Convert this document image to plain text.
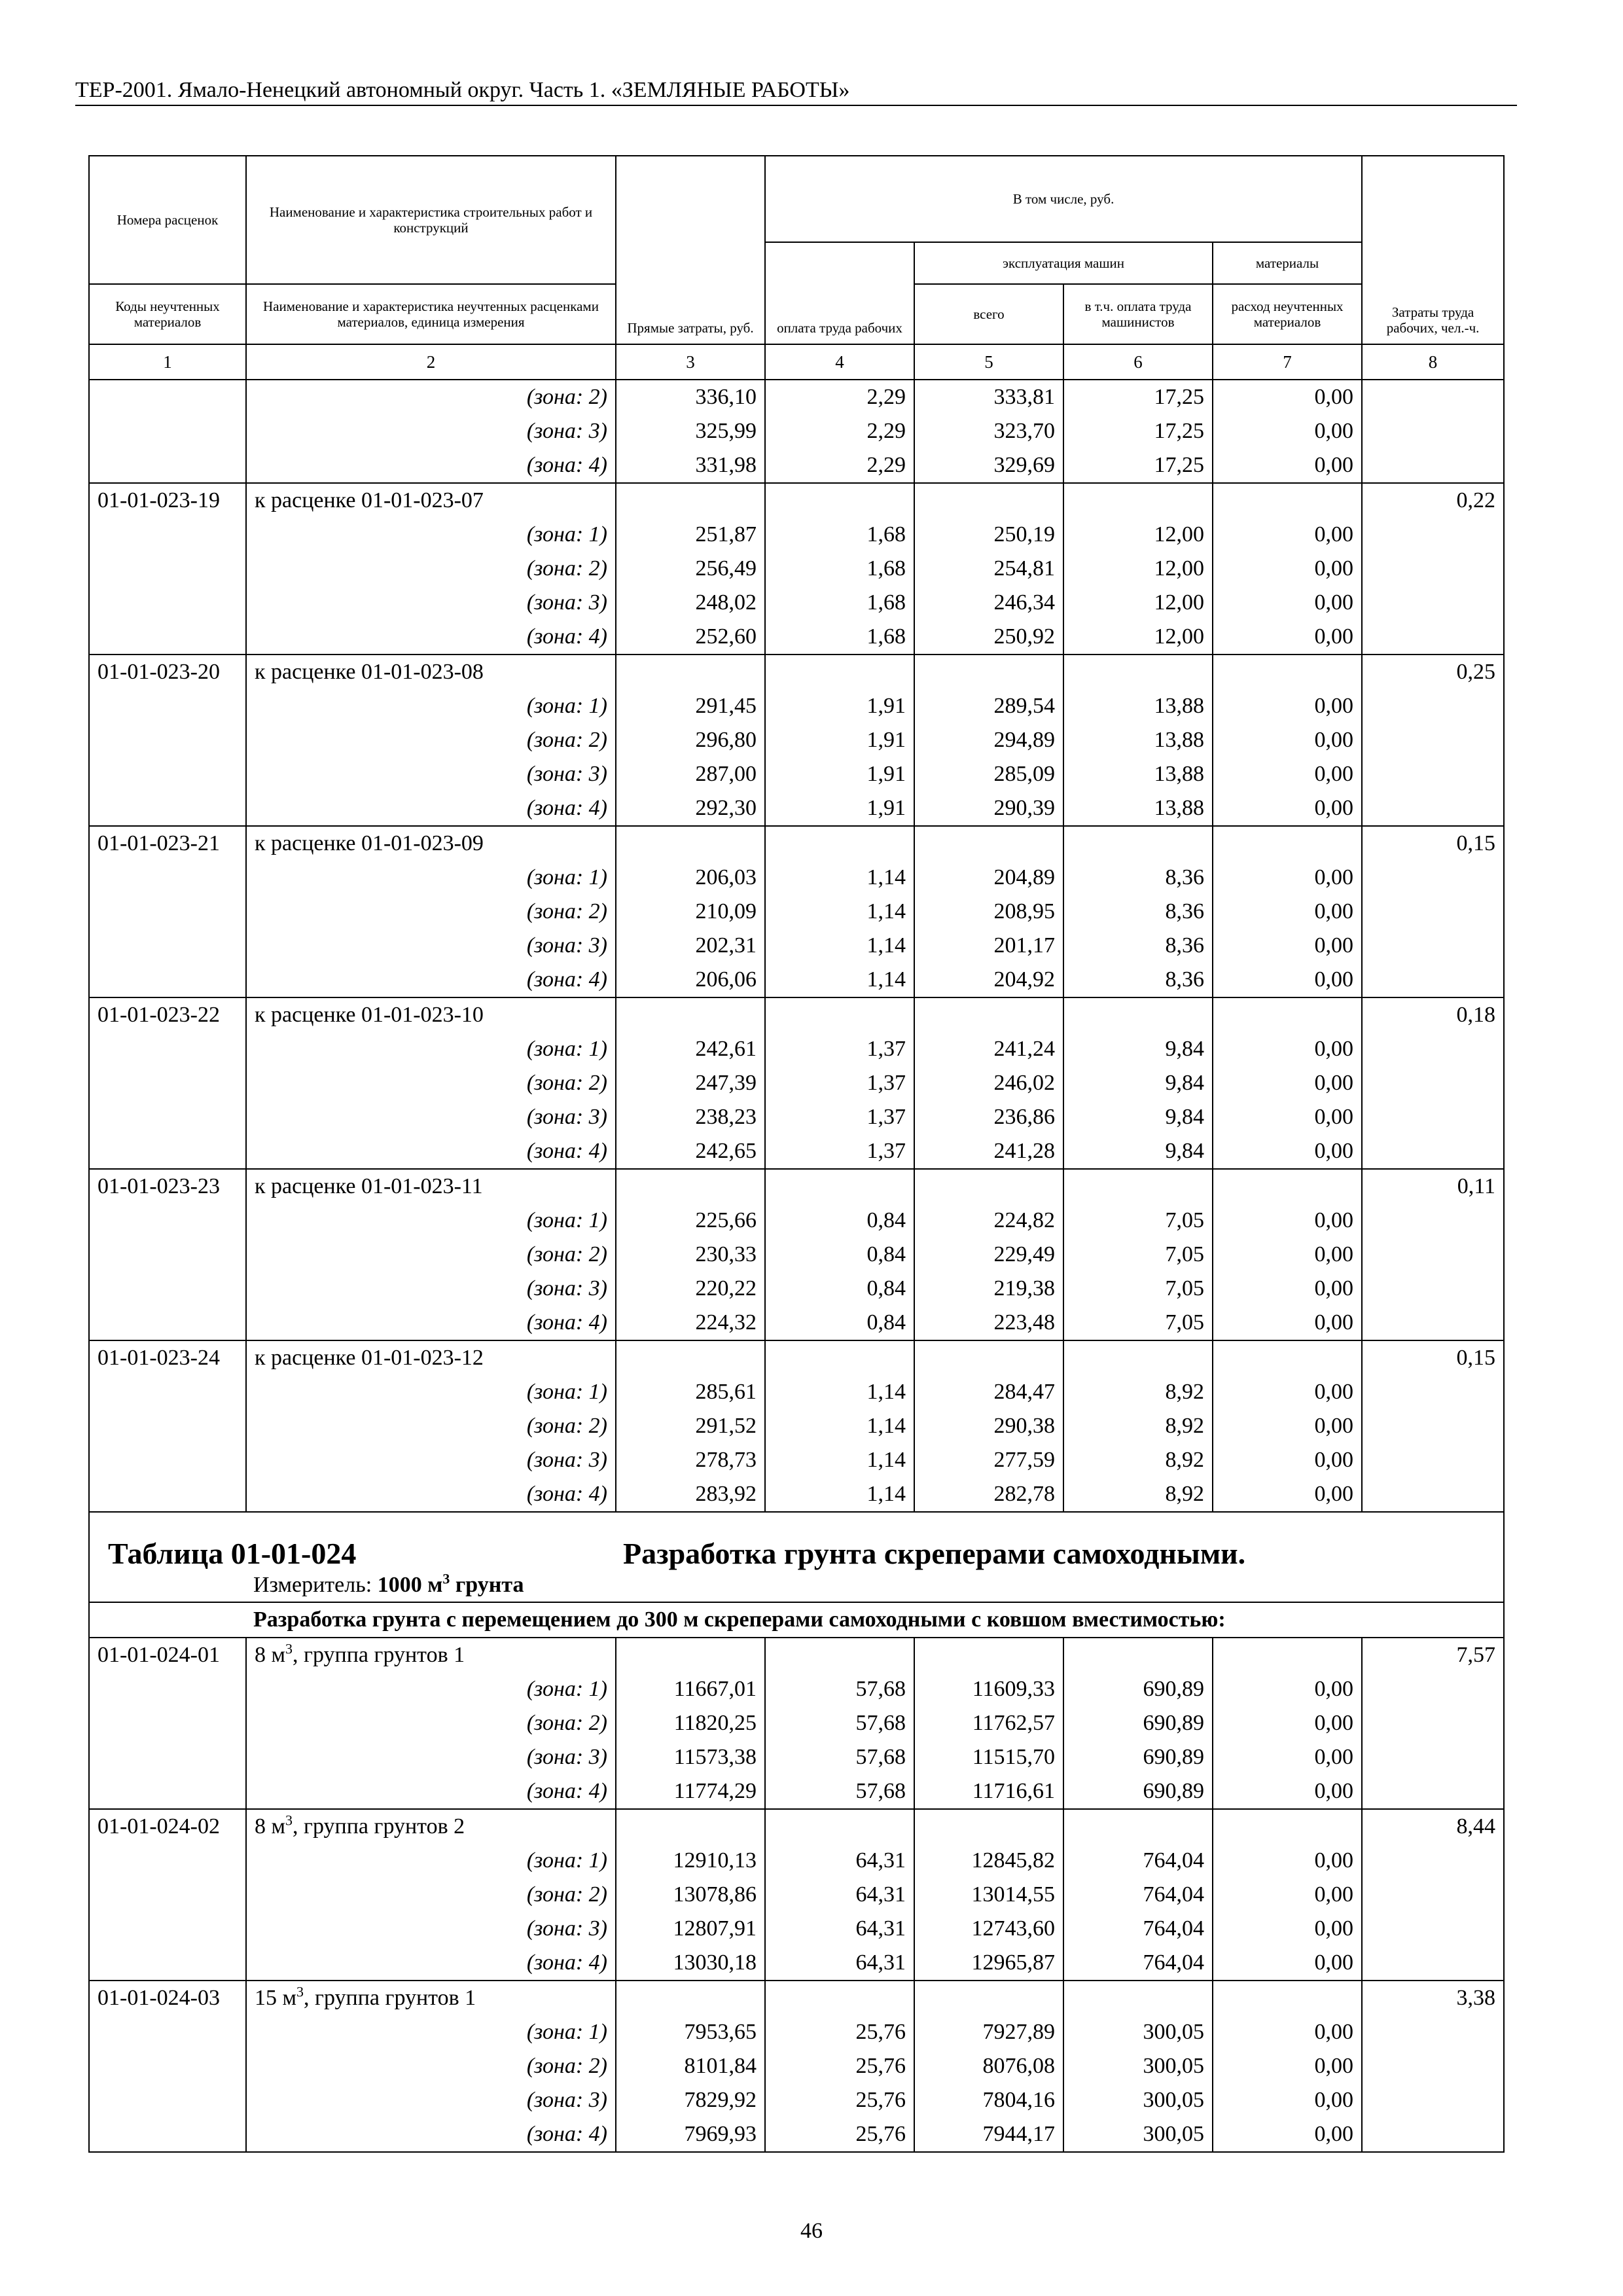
ТЕР-2001. Ямало-Ненецкий автономный округ. Часть 1. «ЗЕМЛЯНЫЕ РАБОТЫ»
Номера расценок	Наименование и характеристика строительных работ и конструкций	Прямые затраты, руб.	В том числе, руб.				Затраты труда рабочих, чел.-ч.
			оплата труда рабочих	эксплуатация машин		материалы	
Коды неучтенных материалов	Наименование и характеристика неучтенных расценками материалов, единица измерения			всего	в т.ч. оплата труда машинистов	расход неучтенных материалов	
1	2	3	4	5	6	7	8
	(зона: 2)	336,10	2,29	333,81	17,25	0,00	
	(зона: 3)	325,99	2,29	323,70	17,25	0,00	
	(зона: 4)	331,98	2,29	329,69	17,25	0,00	
01-01-023-19	к расценке 01-01-023-07						0,22
	(зона: 1)	251,87	1,68	250,19	12,00	0,00	
	(зона: 2)	256,49	1,68	254,81	12,00	0,00	
	(зона: 3)	248,02	1,68	246,34	12,00	0,00	
	(зона: 4)	252,60	1,68	250,92	12,00	0,00	
01-01-023-20	к расценке 01-01-023-08						0,25
	(зона: 1)	291,45	1,91	289,54	13,88	0,00	
	(зона: 2)	296,80	1,91	294,89	13,88	0,00	
	(зона: 3)	287,00	1,91	285,09	13,88	0,00	
	(зона: 4)	292,30	1,91	290,39	13,88	0,00	
01-01-023-21	к расценке 01-01-023-09						0,15
	(зона: 1)	206,03	1,14	204,89	8,36	0,00	
	(зона: 2)	210,09	1,14	208,95	8,36	0,00	
	(зона: 3)	202,31	1,14	201,17	8,36	0,00	
	(зона: 4)	206,06	1,14	204,92	8,36	0,00	
01-01-023-22	к расценке 01-01-023-10						0,18
	(зона: 1)	242,61	1,37	241,24	9,84	0,00	
	(зона: 2)	247,39	1,37	246,02	9,84	0,00	
	(зона: 3)	238,23	1,37	236,86	9,84	0,00	
	(зона: 4)	242,65	1,37	241,28	9,84	0,00	
01-01-023-23	к расценке 01-01-023-11						0,11
	(зона: 1)	225,66	0,84	224,82	7,05	0,00	
	(зона: 2)	230,33	0,84	229,49	7,05	0,00	
	(зона: 3)	220,22	0,84	219,38	7,05	0,00	
	(зона: 4)	224,32	0,84	223,48	7,05	0,00	
01-01-023-24	к расценке 01-01-023-12						0,15
	(зона: 1)	285,61	1,14	284,47	8,92	0,00	
	(зона: 2)	291,52	1,14	290,38	8,92	0,00	
	(зона: 3)	278,73	1,14	277,59	8,92	0,00	
	(зона: 4)	283,92	1,14	282,78	8,92	0,00	

Таблица 01-01-024 Разработка грунта скреперами самоходными.							

Измеритель: 1000 $м^3$ грунта							

Разработка грунта с перемещением до 300 м скреперами самоходными с ковшом вместимостью:							
01-01-024-01	8 $м^3$, группа грунтов 1						7,57
	(зона: 1)	11667,01	57,68	11609,33	690,89	0,00	
	(зона: 2)	11820,25	57,68	11762,57	690,89	0,00	
	(зона: 3)	11573,38	57,68	11515,70	690,89	0,00	
	(зона: 4)	11774,29	57,68	11716,61	690,89	0,00	
01-01-024-02	8 $м^3$, группа грунтов 2						8,44
	(зона: 1)	12910,13	64,31	12845,82	764,04	0,00	
	(зона: 2)	13078,86	64,31	13014,55	764,04	0,00	
	(зона: 3)	12807,91	64,31	12743,60	764,04	0,00	
	(зона: 4)	13030,18	64,31	12965,87	764,04	0,00	
01-01-024-03	15 $м^3$, группа грунтов 1						3,38
	(зона: 1)	7953,65	25,76	7927,89	300,05	0,00	
	(зона: 2)	8101,84	25,76	8076,08	300,05	0,00	
	(зона: 3)	7829,92	25,76	7804,16	300,05	0,00	
	(зона: 4)	7969,93	25,76	7944,17	300,05	0,00	
46
